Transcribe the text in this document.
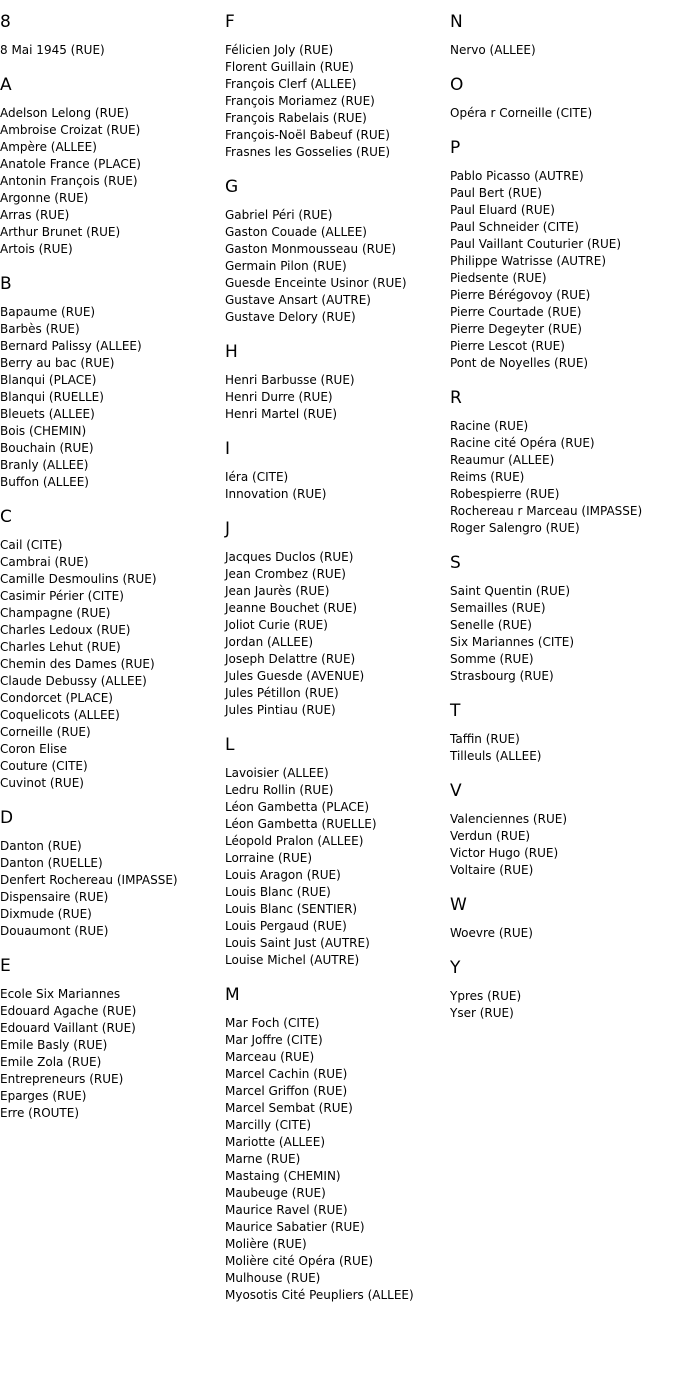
8
8 Mai 1945 (RUE)
A
Adelson Lelong (RUE)
Ambroise Croizat (RUE)
Ampère (ALLEE)
Anatole France (PLACE)
Antonin François (RUE)
Argonne (RUE)
Arras (RUE)
Arthur Brunet (RUE)
Artois (RUE)
B
Bapaume (RUE)
Barbès (RUE)
Bernard Palissy (ALLEE)
Berry au bac (RUE)
Blanqui (PLACE)
Blanqui (RUELLE)
Bleuets (ALLEE)
Bois (CHEMIN)
Bouchain (RUE)
Branly (ALLEE)
Buffon (ALLEE)
C
Cail (CITE)
Cambrai (RUE)
Camille Desmoulins (RUE)
Casimir Périer (CITE)
Champagne (RUE)
Charles Ledoux (RUE)
Charles Lehut (RUE)
Chemin des Dames (RUE)
Claude Debussy (ALLEE)
Condorcet (PLACE)
Coquelicots (ALLEE)
Corneille (RUE)
Coron Elise
Couture (CITE)
Cuvinot (RUE)
D
Danton (RUE)
Danton (RUELLE)
Denfert Rochereau (IMPASSE)
Dispensaire (RUE)
Dixmude (RUE)
Douaumont (RUE)
E
Ecole Six Mariannes
Edouard Agache (RUE)
Edouard Vaillant (RUE)
Emile Basly (RUE)
Emile Zola (RUE)
Entrepreneurs (RUE)
Eparges (RUE)
Erre (ROUTE)
F
Félicien Joly (RUE)
Florent Guillain (RUE)
François Clerf (ALLEE)
François Moriamez (RUE)
François Rabelais (RUE)
François-Noël Babeuf (RUE)
Frasnes les Gosselies (RUE)
G
Gabriel Péri (RUE)
Gaston Couade (ALLEE)
Gaston Monmousseau (RUE)
Germain Pilon (RUE)
Guesde Enceinte Usinor (RUE)
Gustave Ansart (AUTRE)
Gustave Delory (RUE)
H
Henri Barbusse (RUE)
Henri Durre (RUE)
Henri Martel (RUE)
I
Iéra (CITE)
Innovation (RUE)
J
Jacques Duclos (RUE)
Jean Crombez (RUE)
Jean Jaurès (RUE)
Jeanne Bouchet (RUE)
Joliot Curie (RUE)
Jordan (ALLEE)
Joseph Delattre (RUE)
Jules Guesde (AVENUE)
Jules Pétillon (RUE)
Jules Pintiau (RUE)
L
Lavoisier (ALLEE)
Ledru Rollin (RUE)
Léon Gambetta (PLACE)
Léon Gambetta (RUELLE)
Léopold Pralon (ALLEE)
Lorraine (RUE)
Louis Aragon (RUE)
Louis Blanc (RUE)
Louis Blanc (SENTIER)
Louis Pergaud (RUE)
Louis Saint Just (AUTRE)
Louise Michel (AUTRE)
M
Mar Foch (CITE)
Mar Joffre (CITE)
Marceau (RUE)
Marcel Cachin (RUE)
Marcel Griffon (RUE)
Marcel Sembat (RUE)
Marcilly (CITE)
Mariotte (ALLEE)
Marne (RUE)
Mastaing (CHEMIN)
Maubeuge (RUE)
Maurice Ravel (RUE)
Maurice Sabatier (RUE)
Molière (RUE)
Molière cité Opéra (RUE)
Mulhouse (RUE)
Myosotis Cité Peupliers (ALLEE)
N
Nervo (ALLEE)
O
Opéra r Corneille (CITE)
P
Pablo Picasso (AUTRE)
Paul Bert (RUE)
Paul Eluard (RUE)
Paul Schneider (CITE)
Paul Vaillant Couturier (RUE)
Philippe Watrisse (AUTRE)
Piedsente (RUE)
Pierre Bérégovoy (RUE)
Pierre Courtade (RUE)
Pierre Degeyter (RUE)
Pierre Lescot (RUE)
Pont de Noyelles (RUE)
R
Racine (RUE)
Racine cité Opéra (RUE)
Reaumur (ALLEE)
Reims (RUE)
Robespierre (RUE)
Rochereau r Marceau (IMPASSE)
Roger Salengro (RUE)
S
Saint Quentin (RUE)
Semailles (RUE)
Senelle (RUE)
Six Mariannes (CITE)
Somme (RUE)
Strasbourg (RUE)
T
Taffin (RUE)
Tilleuls (ALLEE)
V
Valenciennes (RUE)
Verdun (RUE)
Victor Hugo (RUE)
Voltaire (RUE)
W
Woevre (RUE)
Y
Ypres (RUE)
Yser (RUE)
